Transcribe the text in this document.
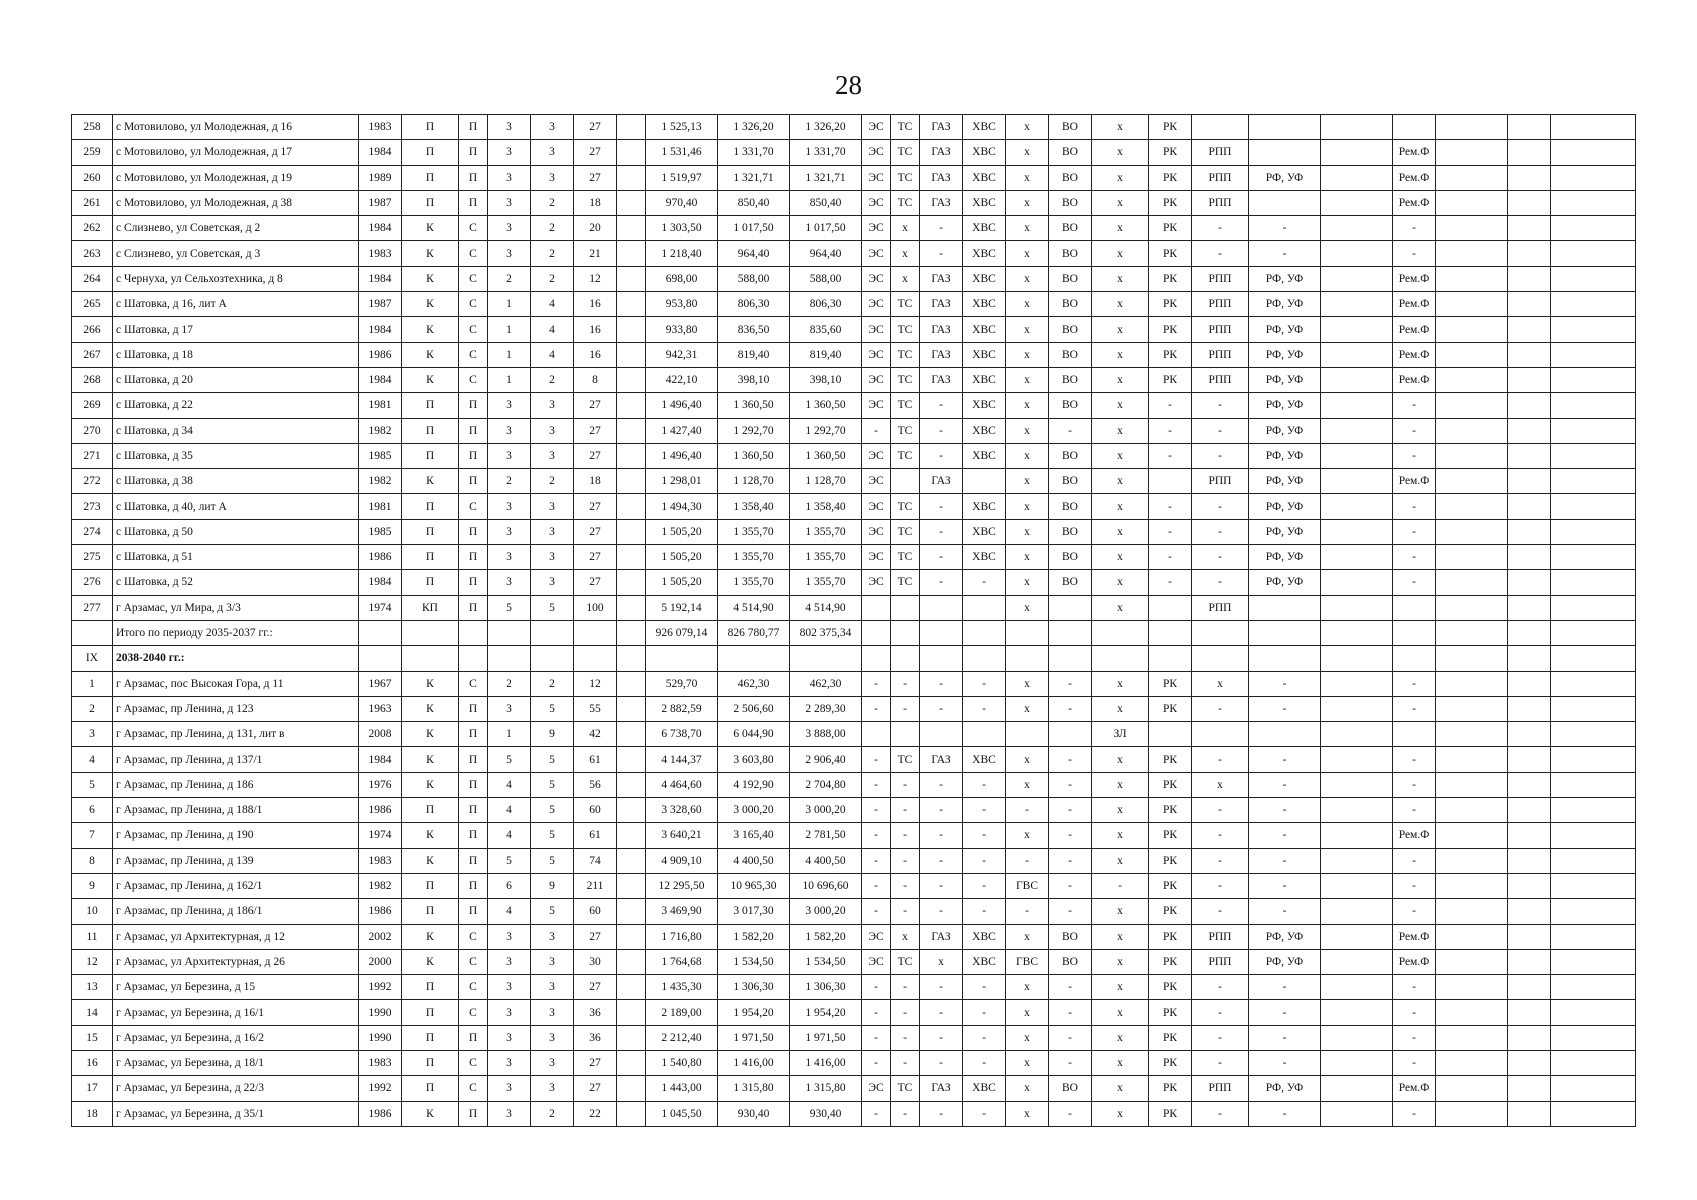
28
258	с Мотовилово, ул Молодежная, д 16	1983	П	П	3	3	27		1 525,13	1 326,20	1 326,20	ЭС	ТС	ГАЗ	ХВС	х	ВО	х	РК							
259	с Мотовилово, ул Молодежная, д 17	1984	П	П	3	3	27		1 531,46	1 331,70	1 331,70	ЭС	ТС	ГАЗ	ХВС	х	ВО	х	РК	РПП			Рем.Ф			
260	с Мотовилово, ул Молодежная, д 19	1989	П	П	3	3	27		1 519,97	1 321,71	1 321,71	ЭС	ТС	ГАЗ	ХВС	х	ВО	х	РК	РПП	РФ, УФ		Рем.Ф			
261	с Мотовилово, ул Молодежная, д 38	1987	П	П	3	2	18		970,40	850,40	850,40	ЭС	ТС	ГАЗ	ХВС	х	ВО	х	РК	РПП			Рем.Ф			
262	с Слизнево, ул Советская, д 2	1984	К	С	3	2	20		1 303,50	1 017,50	1 017,50	ЭС	х	-	ХВС	х	ВО	х	РК	-	-		-			
263	с Слизнево, ул Советская, д 3	1983	К	С	3	2	21		1 218,40	964,40	964,40	ЭС	х	-	ХВС	х	ВО	х	РК	-	-		-			
264	с Чернуха, ул Сельхозтехника, д 8	1984	К	С	2	2	12		698,00	588,00	588,00	ЭС	х	ГАЗ	ХВС	х	ВО	х	РК	РПП	РФ, УФ		Рем.Ф			
265	с Шатовка, д 16, лит А	1987	К	С	1	4	16		953,80	806,30	806,30	ЭС	ТС	ГАЗ	ХВС	х	ВО	х	РК	РПП	РФ, УФ		Рем.Ф			
266	с Шатовка, д 17	1984	К	С	1	4	16		933,80	836,50	835,60	ЭС	ТС	ГАЗ	ХВС	х	ВО	х	РК	РПП	РФ, УФ		Рем.Ф			
267	с Шатовка, д 18	1986	К	С	1	4	16		942,31	819,40	819,40	ЭС	ТС	ГАЗ	ХВС	х	ВО	х	РК	РПП	РФ, УФ		Рем.Ф			
268	с Шатовка, д 20	1984	К	С	1	2	8		422,10	398,10	398,10	ЭС	ТС	ГАЗ	ХВС	х	ВО	х	РК	РПП	РФ, УФ		Рем.Ф			
269	с Шатовка, д 22	1981	П	П	3	3	27		1 496,40	1 360,50	1 360,50	ЭС	ТС	-	ХВС	х	ВО	х	-	-	РФ, УФ		-			
270	с Шатовка, д 34	1982	П	П	3	3	27		1 427,40	1 292,70	1 292,70	-	ТС	-	ХВС	х	-	х	-	-	РФ, УФ		-			
271	с Шатовка, д 35	1985	П	П	3	3	27		1 496,40	1 360,50	1 360,50	ЭС	ТС	-	ХВС	х	ВО	х	-	-	РФ, УФ		-			
272	с Шатовка, д 38	1982	К	П	2	2	18		1 298,01	1 128,70	1 128,70	ЭС		ГАЗ		х	ВО	х		РПП	РФ, УФ		Рем.Ф			
273	с Шатовка, д 40, лит А	1981	П	С	3	3	27		1 494,30	1 358,40	1 358,40	ЭС	ТС	-	ХВС	х	ВО	х	-	-	РФ, УФ		-			
274	с Шатовка, д 50	1985	П	П	3	3	27		1 505,20	1 355,70	1 355,70	ЭС	ТС	-	ХВС	х	ВО	х	-	-	РФ, УФ		-			
275	с Шатовка, д 51	1986	П	П	3	3	27		1 505,20	1 355,70	1 355,70	ЭС	ТС	-	ХВС	х	ВО	х	-	-	РФ, УФ		-			
276	с Шатовка, д 52	1984	П	П	3	3	27		1 505,20	1 355,70	1 355,70	ЭС	ТС	-	-	х	ВО	х	-	-	РФ, УФ		-			
277	г Арзамас, ул Мира, д 3/3	1974	КП	П	5	5	100		5 192,14	4 514,90	4 514,90					х		х		РПП						
	Итого по периоду 2035-2037 гг.:								926 079,14	826 780,77	802 375,34															
IX	2038-2040 гг.:																									
1	г Арзамас, пос Высокая Гора, д 11	1967	К	С	2	2	12		529,70	462,30	462,30	-	-	-	-	х	-	х	РК	х	-		-			
2	г Арзамас, пр Ленина, д 123	1963	К	П	3	5	55		2 882,59	2 506,60	2 289,30	-	-	-	-	х	-	х	РК	-	-		-			
3	г Арзамас, пр Ленина, д 131, лит в	2008	К	П	1	9	42		6 738,70	6 044,90	3 888,00							ЗЛ								
4	г Арзамас, пр Ленина, д 137/1	1984	К	П	5	5	61		4 144,37	3 603,80	2 906,40	-	ТС	ГАЗ	ХВС	х	-	х	РК	-	-		-			
5	г Арзамас, пр Ленина, д 186	1976	К	П	4	5	56		4 464,60	4 192,90	2 704,80	-	-	-	-	х	-	х	РК	х	-		-			
6	г Арзамас, пр Ленина, д 188/1	1986	П	П	4	5	60		3 328,60	3 000,20	3 000,20	-	-	-	-	-	-	х	РК	-	-		-			
7	г Арзамас, пр Ленина, д 190	1974	К	П	4	5	61		3 640,21	3 165,40	2 781,50	-	-	-	-	х	-	х	РК	-	-		Рем.Ф			
8	г Арзамас, пр Ленина, д 139	1983	К	П	5	5	74		4 909,10	4 400,50	4 400,50	-	-	-	-	-	-	х	РК	-	-		-			
9	г Арзамас, пр Ленина, д 162/1	1982	П	П	6	9	211		12 295,50	10 965,30	10 696,60	-	-	-	-	ГВС	-	-	РК	-	-		-			
10	г Арзамас, пр Ленина, д 186/1	1986	П	П	4	5	60		3 469,90	3 017,30	3 000,20	-	-	-	-	-	-	х	РК	-	-		-			
11	г Арзамас, ул Архитектурная, д 12	2002	К	С	3	3	27		1 716,80	1 582,20	1 582,20	ЭС	х	ГАЗ	ХВС	х	ВО	х	РК	РПП	РФ, УФ		Рем.Ф			
12	г Арзамас, ул Архитектурная, д 26	2000	К	С	3	3	30		1 764,68	1 534,50	1 534,50	ЭС	ТС	х	ХВС	ГВС	ВО	х	РК	РПП	РФ, УФ		Рем.Ф			
13	г Арзамас, ул Березина, д 15	1992	П	С	3	3	27		1 435,30	1 306,30	1 306,30	-	-	-	-	х	-	х	РК	-	-		-			
14	г Арзамас, ул Березина, д 16/1	1990	П	С	3	3	36		2 189,00	1 954,20	1 954,20	-	-	-	-	х	-	х	РК	-	-		-			
15	г Арзамас, ул Березина, д 16/2	1990	П	П	3	3	36		2 212,40	1 971,50	1 971,50	-	-	-	-	х	-	х	РК	-	-		-			
16	г Арзамас, ул Березина, д 18/1	1983	П	С	3	3	27		1 540,80	1 416,00	1 416,00	-	-	-	-	х	-	х	РК	-	-		-			
17	г Арзамас, ул Березина, д 22/3	1992	П	С	3	3	27		1 443,00	1 315,80	1 315,80	ЭС	ТС	ГАЗ	ХВС	х	ВО	х	РК	РПП	РФ, УФ		Рем.Ф			
18	г Арзамас, ул Березина, д 35/1	1986	К	П	3	2	22		1 045,50	930,40	930,40	-	-	-	-	х	-	х	РК	-	-		-			
